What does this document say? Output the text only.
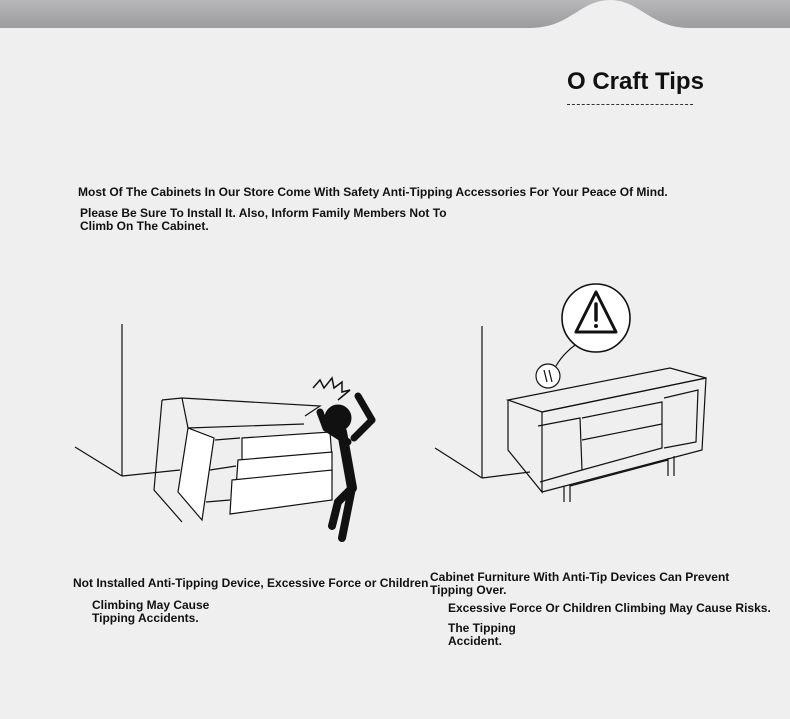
O Craft Tips
Most Of The Cabinets In Our Store Come With Safety Anti-Tipping Accessories For Your Peace Of Mind.
Please Be Sure To Install It. Also, Inform Family Members Not To Climb On The Cabinet.
Not Installed Anti-Tipping Device, Excessive Force or Children
Climbing May Cause Tipping Accidents.
Cabinet Furniture With Anti-Tip Devices Can Prevent Tipping Over.
Excessive Force Or Children Climbing May Cause Risks.
The Tipping Accident.
